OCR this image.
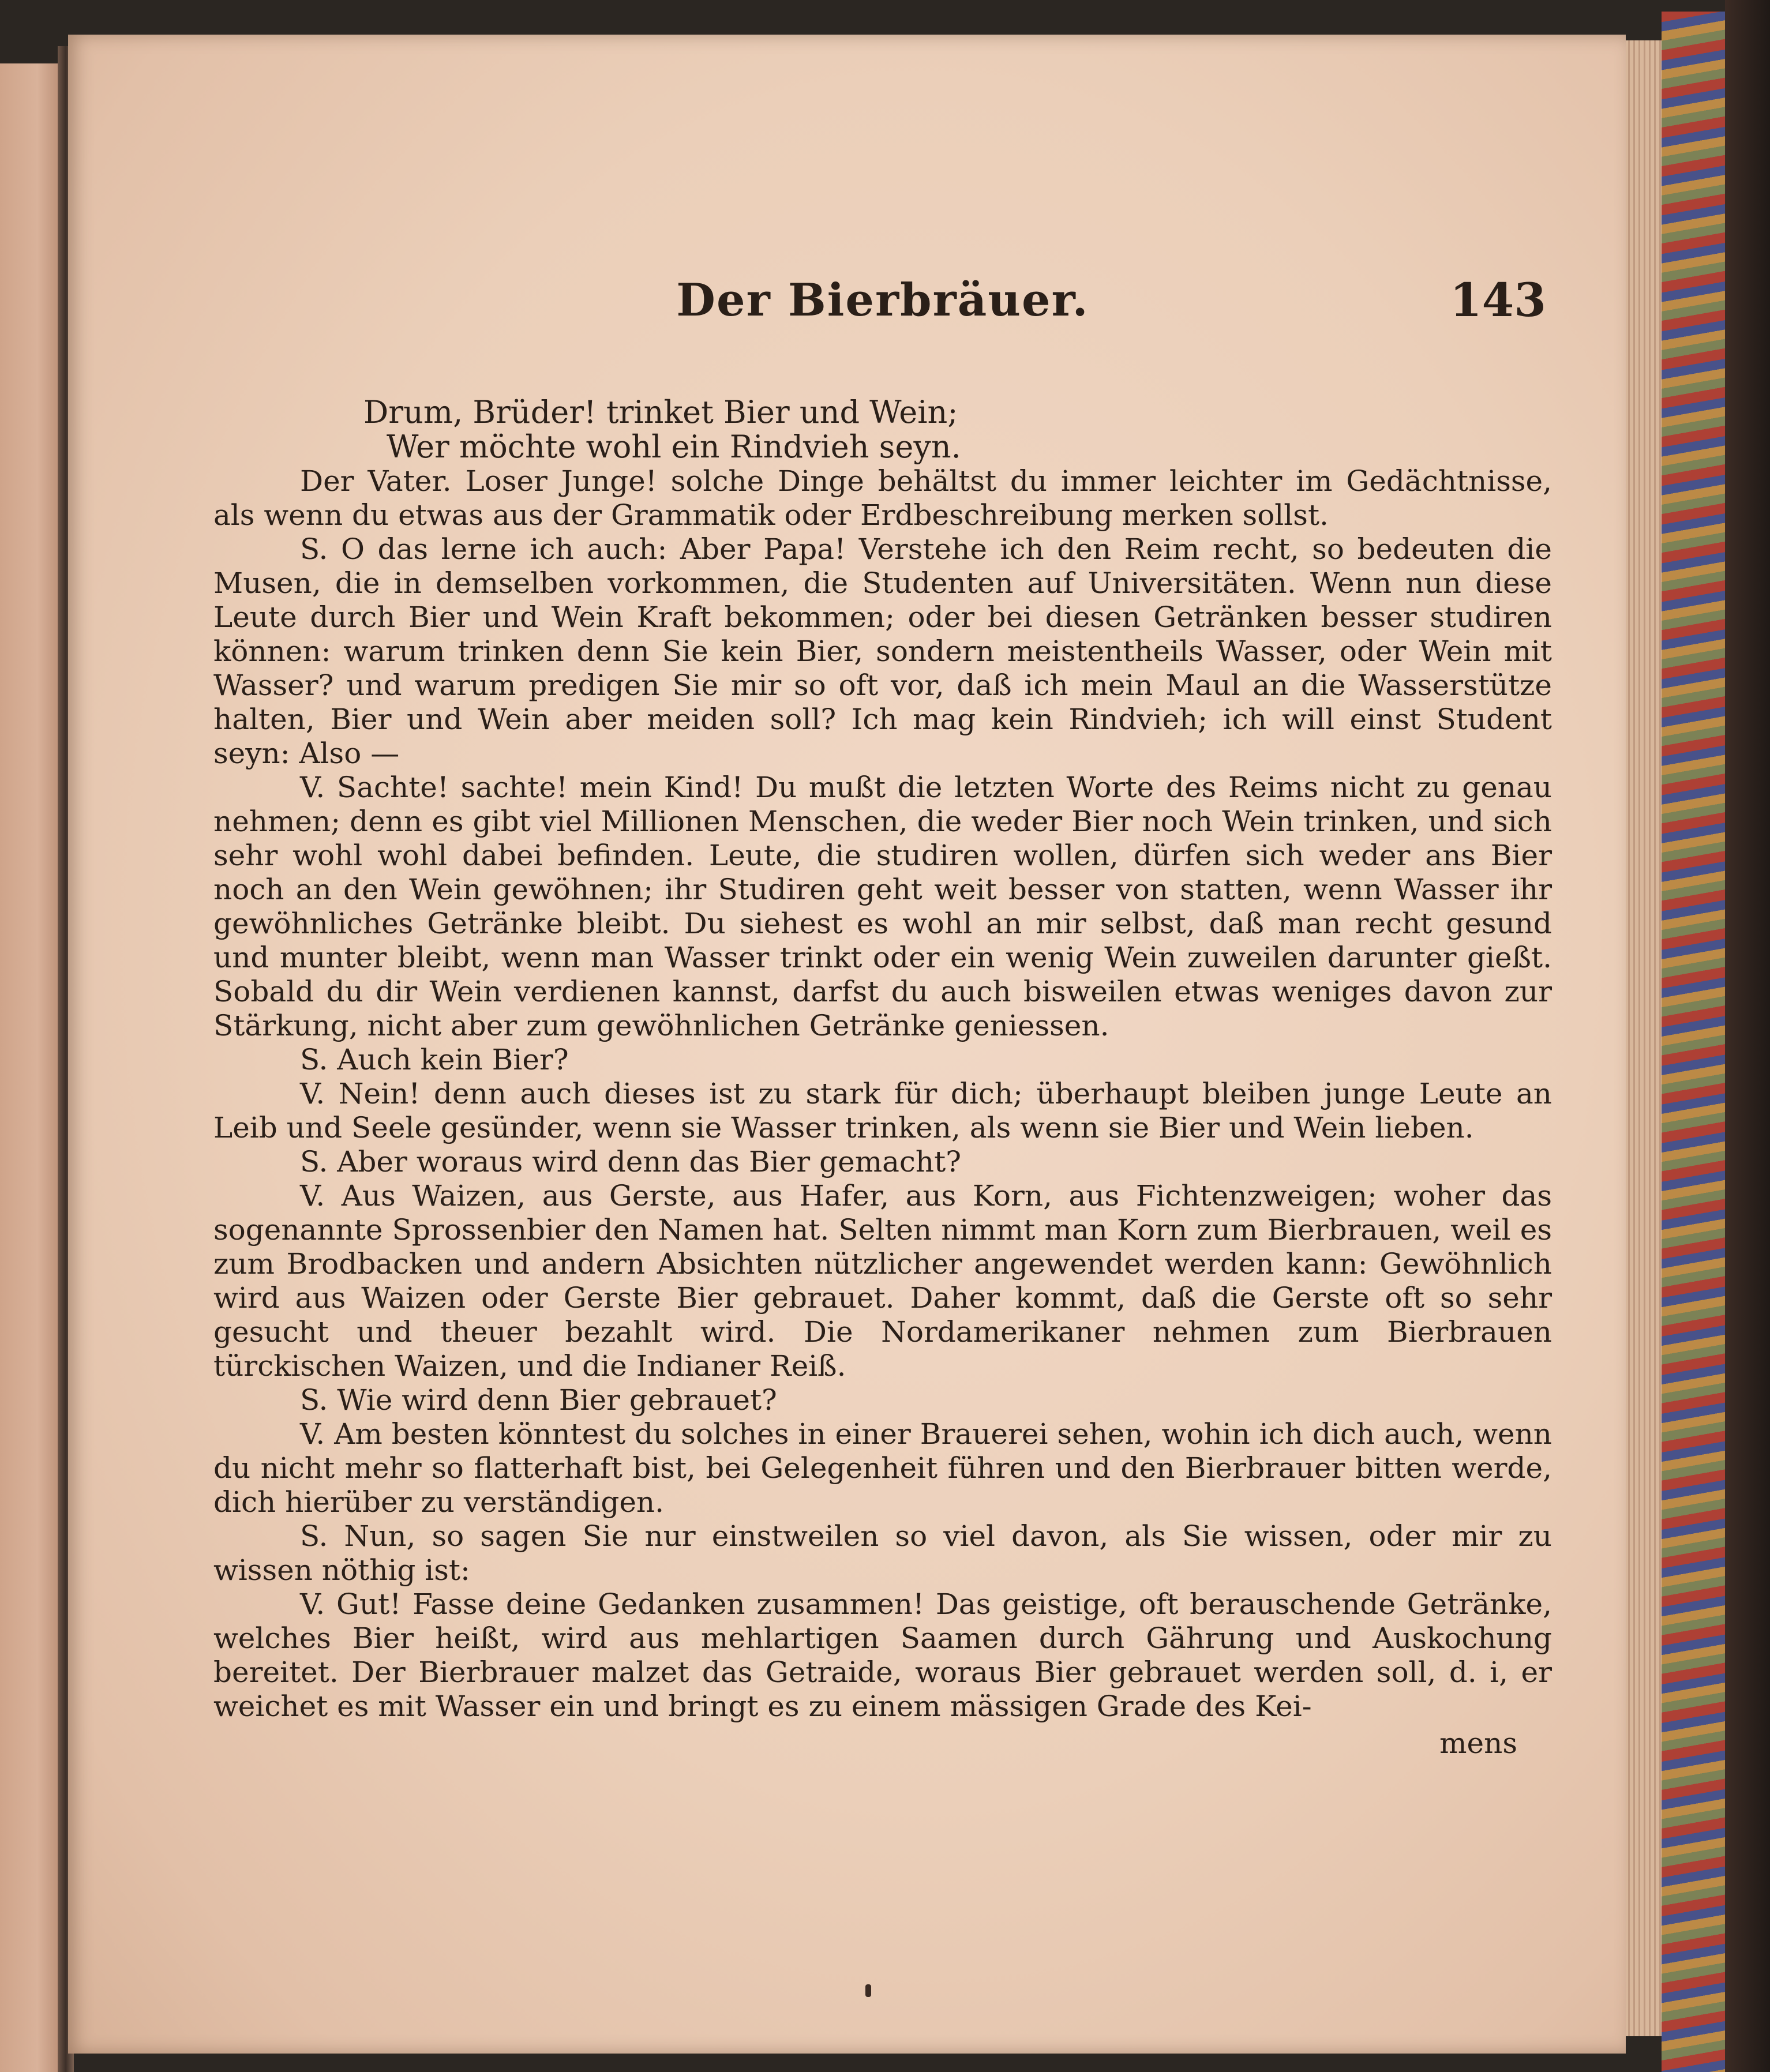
Der Bierbräuer.	143
Drum, Brüder! trinket Bier und Wein;
Wer möchte wohl ein Rindvieh seyn.

Der Vater. Loser Junge! solche Dinge behältst du immer leichter im Gedächtnisse, als wenn du etwas aus der Grammatik oder Erdbeschreibung merken sollst.

S. O das lerne ich auch: Aber Papa! Verstehe ich den Reim recht, so bedeuten die Musen, die in demselben vorkommen, die Studenten auf Universitäten. Wenn nun diese Leute durch Bier und Wein Kraft bekommen; oder bei diesen Getränken besser studiren können: warum trinken denn Sie kein Bier, sondern meistentheils Wasser, oder Wein mit Wasser? und warum predigen Sie mir so oft vor, daß ich mein Maul an die Wasserstütze halten, Bier und Wein aber meiden soll? Ich mag kein Rindvieh; ich will einst Student seyn: Also —

V. Sachte! sachte! mein Kind! Du mußt die letzten Worte des Reims nicht zu genau nehmen; denn es gibt viel Millionen Menschen, die weder Bier noch Wein trinken, und sich sehr wohl wohl dabei befinden. Leute, die studiren wollen, dürfen sich weder ans Bier noch an den Wein gewöhnen; ihr Studiren geht weit besser von statten, wenn Wasser ihr gewöhnliches Getränke bleibt. Du siehest es wohl an mir selbst, daß man recht gesund und munter bleibt, wenn man Wasser trinkt oder ein wenig Wein zuweilen darunter gießt. Sobald du dir Wein verdienen kannst, darfst du auch bisweilen etwas weniges davon zur Stärkung, nicht aber zum gewöhnlichen Getränke geniessen.

S. Auch kein Bier?

V. Nein! denn auch dieses ist zu stark für dich; überhaupt bleiben junge Leute an Leib und Seele gesünder, wenn sie Wasser trinken, als wenn sie Bier und Wein lieben.

S. Aber woraus wird denn das Bier gemacht?

V. Aus Waizen, aus Gerste, aus Hafer, aus Korn, aus Fichtenzweigen; woher das sogenannte Sprossenbier den Namen hat. Selten nimmt man Korn zum Bierbrauen, weil es zum Brodbacken und andern Absichten nützlicher angewendet werden kann: Gewöhnlich wird aus Waizen oder Gerste Bier gebrauet. Daher kommt, daß die Gerste oft so sehr gesucht und theuer bezahlt wird. Die Nordamerikaner nehmen zum Bierbrauen türckischen Waizen, und die Indianer Reiß.

S. Wie wird denn Bier gebrauet?

V. Am besten könntest du solches in einer Brauerei sehen, wohin ich dich auch, wenn du nicht mehr so flatterhaft bist, bei Gelegenheit führen und den Bierbrauer bitten werde, dich hierüber zu verständigen.

S. Nun, so sagen Sie nur einstweilen so viel davon, als Sie wissen, oder mir zu wissen nöthig ist:

V. Gut! Fasse deine Gedanken zusammen! Das geistige, oft berauschende Getränke, welches Bier heißt, wird aus mehlartigen Saamen durch Gährung und Auskochung bereitet. Der Bierbrauer malzet das Getraide, woraus Bier gebrauet werden soll, d. i, er weichet es mit Wasser ein und bringt es zu einem mässigen Grade des Kei-

mens
